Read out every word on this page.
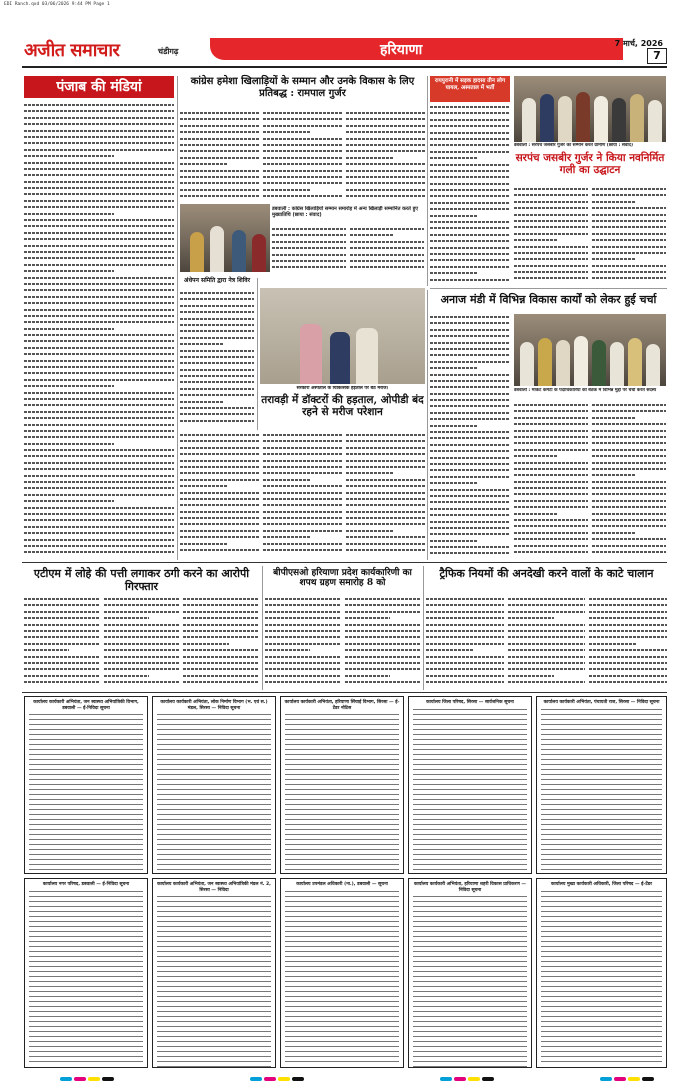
EDI Ranch.qxd 03/06/2026 9:44 PM Page 1
अजीत समाचार	चंडीगढ़	हरियाणा	7 मार्च, 2026
7
पंजाब की मंडियां	कांग्रेस हमेशा खिलाड़ियों के सम्मान और उनके विकास के लिए प्रतिबद्ध : रामपाल गुर्जर
डबवाली : कांग्रेस खिलाड़ियों सम्मान समारोह में अन्य खिलाड़ी सम्मानित करते हुए मुख्यातिथि (छाया : संवाद)
रायपुरानी में सड़क हादसा तीन लोग घायल, अस्पताल में भर्ती
डबवाली : सरपंच जसबीर गुर्जर का सम्मान करते ग्रामीण (छाया : संवाद)
सरपंच जसबीर गुर्जर ने किया नवनिर्मित गली का उद्घाटन
अंधेपन समिति द्वारा नेत्र शिविर
सरकारी अस्पताल के चिकित्सक हड़ताल पर बैठे मरीज।
तरावड़ी में डॉक्टरों की हड़ताल, ओपीडी बंद रहने से मरीज परेशान
अनाज मंडी में विभिन्न विकास कार्यों को लेकर हुई चर्चा
डबवाली : मार्केट कमेटी के पदाधिकारियों की बैठक में विभिन्न मुद्दों पर चर्चा करते सदस्य
एटीएम में लोहे की पत्ती लगाकर ठगी करने का आरोपी गिरफ्तार
बीपीएसओ हरियाणा प्रदेश कार्यकारिणी का शपथ ग्रहण समारोह 8 को
ट्रैफिक नियमों की अनदेखी करने वालों के काटे चालान
कार्यालय कार्यकारी अभियंता, जन स्वास्थ्य अभियांत्रिकी विभाग, डबवाली — ई-निविदा सूचना
कार्यालय कार्यकारी अभियंता, लोक निर्माण विभाग (भ. एवं स.) मंडल, सिरसा — निविदा सूचना
कार्यालय कार्यकारी अभियंता, हरियाणा सिंचाई विभाग, सिरसा — ई-टेंडर नोटिस
कार्यालय जिला परिषद, सिरसा — सार्वजनिक सूचना	कार्यालय कार्यकारी अभियंता, पंचायती राज, सिरसा — निविदा सूचना
कार्यालय नगर परिषद, डबवाली — ई-निविदा सूचना	कार्यालय कार्यकारी अभियंता, जन स्वास्थ्य अभियांत्रिकी मंडल नं. 2, सिरसा — निविदा
कार्यालय उपमंडल अधिकारी (ना.), डबवाली — सूचना	कार्यालय कार्यकारी अभियंता, हरियाणा शहरी विकास प्राधिकरण — निविदा सूचना
कार्यालय मुख्य कार्यकारी अधिकारी, जिला परिषद — ई-टेंडर
